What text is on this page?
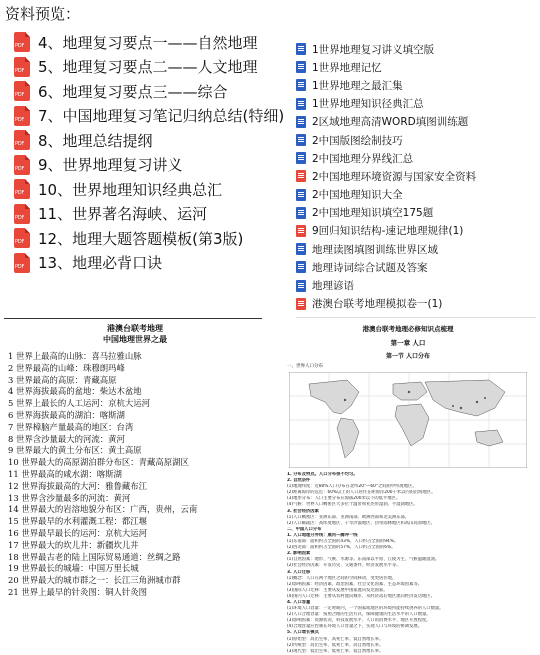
资料预览：
PDF 4、地理复习要点一——自然地理
PDF 5、地理复习要点二——人文地理
PDF 6、地理复习要点三——综合
PDF 7、中国地理复习笔记归纳总结(特细)
PDF 8、地理总结提纲
PDF 9、世界地理复习讲义
PDF 10、世界地理知识经典总汇
PDF 11、世界著名海峡、运河
PDF 12、地理大题答题模板(第3版)
PDF 13、地理必背口诀
1世界地理复习讲义填空版
1世界地理记忆
1世界地理之最汇集
1世界地理知识径典汇总
2区域地理高清WORD填图训练题
2中国版图绘制技巧
2中国地理分界线汇总
2中国地理环境资源与国家安全资料
2中国地理知识大全
2中国地理知识填空175题
9回归知识结构-速记地理规律(1)
地理读图填图训练世界区域
地理诗词综合试题及答案
地理谚语
港澳台联考地理模拟卷一(1)
港澳台联考地理
中国地理世界之最
1 世界上最高的山脉：喜马拉雅山脉
2 世界最高的山峰：珠穆朗玛峰
3 世界最高的高原：青藏高原
4 世界海拔最高的盆地：柴达木盆地
5 世界上最长的人工运河：京杭大运河
6 世界海拔最高的湖泊：喀斯湖
7 世界樟脑产量最高的地区：台湾
8 世界含沙量最大的河流：黄河
9 世界最大的黄土分布区：黄土高原
10 世界最大的高原湖泊群分布区：青藏高原湖区
11 世界最高的咸水湖：喀斯湖
12 世界海拔最高的大河：雅鲁藏布江
13 世界含沙量最多的河流：黄河
14 世界最大的岩溶地貌分布区：广西，贵州，云南
15 世界最早的水利灌溉工程：都江堰
16 世界最早最长的运河：京杭大运河
17 世界最大的坎儿井：新疆坎儿井
18 世界最古老的陆上国际贸易通道：丝绸之路
19 世界最长的城墙：中国万里长城
20 世界最大的城市群之一：长江三角洲城市群
21 世界上最早的针灸图：铜人针灸图
港澳台联考地理必修知识点梳理
第一章 人口
第一节 人口分布
一、世界人口分布
1. 分布及特点。人口分布很不均匀。
2. 自然条件
(1)地理纬度：近80%人口分布在北纬20°—60°之间的中纬度地区。
(2)距离海岸的远近：60%以上的人口居住在距海岸200千米以内的沿海地区。
(3)地形分布：人口主要分布在海拔200米以下的低平地区。
(4)气候：世界人口稠密区大多位于温带和亚热带湿润、半湿润地区。
3. 社会经济因素
(1)人口稠密区：亚洲东部、亚洲南部、欧洲西部和北美洲东部。
(2)人口稀疏区：高纬度地区、干旱沙漠地区、热带雨林地区和高山高原地区。
二、中国人口分布
1. 人口地理分界线：黑河—腾冲一线
(1)东南部：面积约占全国的43%，人口约占全国的94%。
(2)西北部：面积约占全国的57%，人口约占全国的6%。
2. 影响因素
(1)自然因素：地形、气候、水源等。东南部以平原、丘陵为主，气候温暖湿润。
(2)社会经济因素：开发历史、交通条件、经济发展水平等。
3. 人口迁移
(1)概念：人口在两个地区之间的空间移动，变更居住地。
(2)影响因素：经济因素、政治因素、社会文化因素、生态环境因素等。
(3)国际人口迁移：主要从发展中国家流向发达国家。
(4)国内人口迁移：主要从农村流向城市，从经济落后地区流向经济发达地区。
4. 人口容量
(1)环境人口容量：一定时期内，一个国家或地区的环境所能持续供养的人口数量。
(2)人口合理容量：按照合理的生活方式，保障健康的生活水平的人口数量。
(3)影响因素：资源状况、科技发展水平、人口的消费水平、地区开放程度。
(4)合理容量应控制在环境人口容量之下，实现人口与环境的协调发展。
5. 人口增长模式
(1)原始型：高出生率、高死亡率、低自然增长率。
(2)传统型：高出生率、低死亡率、高自然增长率。
(3)现代型：低出生率、低死亡率、低自然增长率。
